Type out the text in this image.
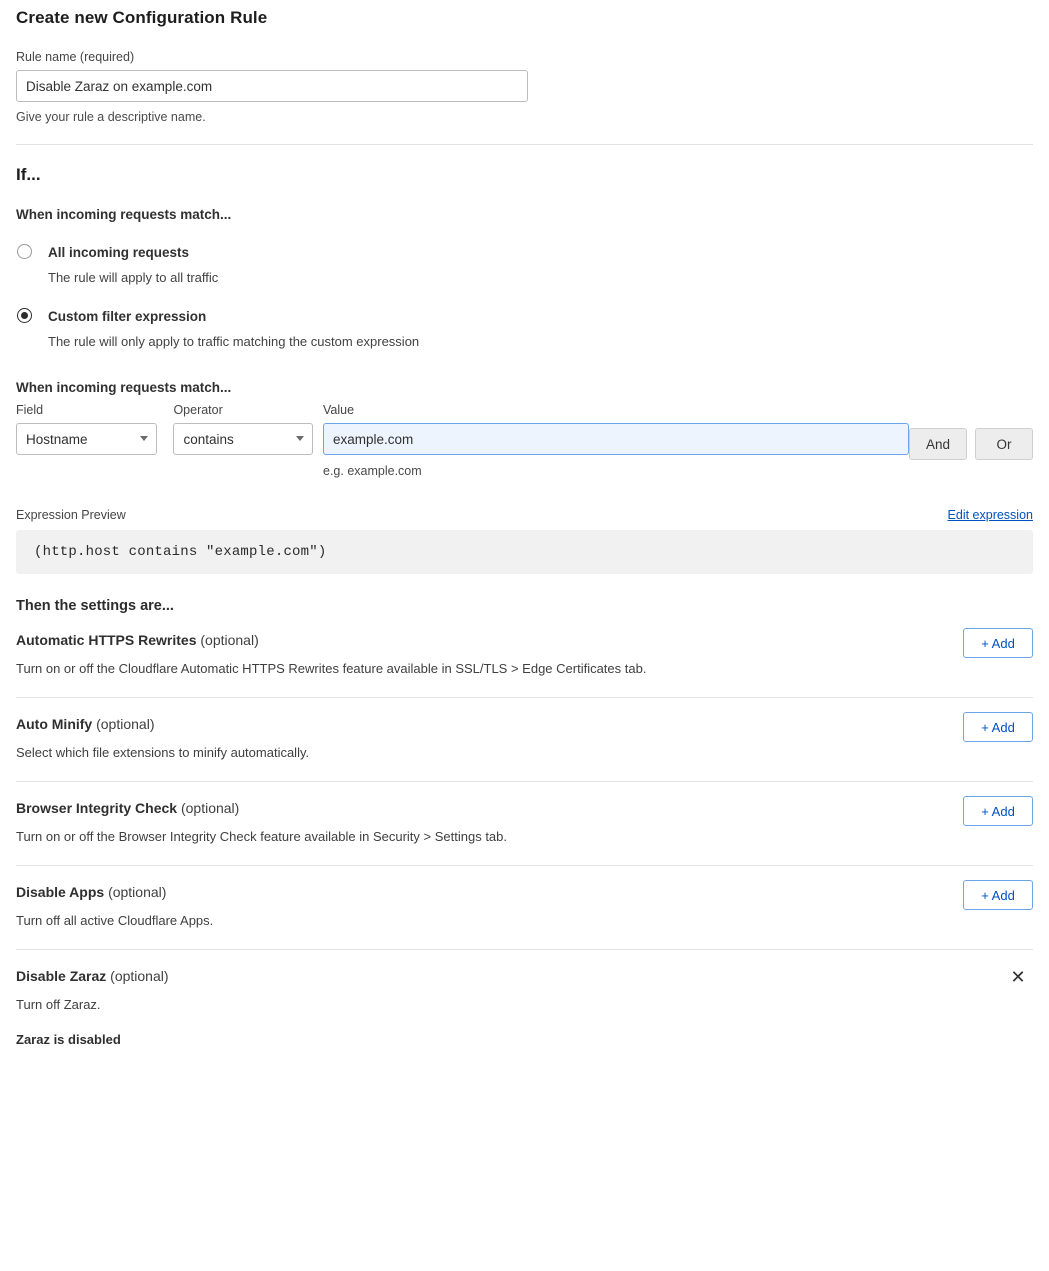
Create new Configuration Rule
Rule name (required)
Disable Zaraz on example.com
Give your rule a descriptive name.
If...
When incoming requests match...
All incoming requests
The rule will apply to all traffic
Custom filter expression
The rule will only apply to traffic matching the custom expression
When incoming requests match...
Field
Hostname
Operator
contains
Value
example.com
e.g. example.com
And	Or
Expression Preview	Edit expression
(http.host contains "example.com")
Then the settings are...
Automatic HTTPS Rewrites (optional)
Turn on or off the Cloudflare Automatic HTTPS Rewrites feature available in SSL/TLS > Edge Certificates tab.
+ Add
Auto Minify (optional)
Select which file extensions to minify automatically.
+ Add
Browser Integrity Check (optional)
Turn on or off the Browser Integrity Check feature available in Security > Settings tab.
+ Add
Disable Apps (optional)
Turn off all active Cloudflare Apps.
+ Add
Disable Zaraz (optional)
Turn off Zaraz.
Zaraz is disabled
✕
